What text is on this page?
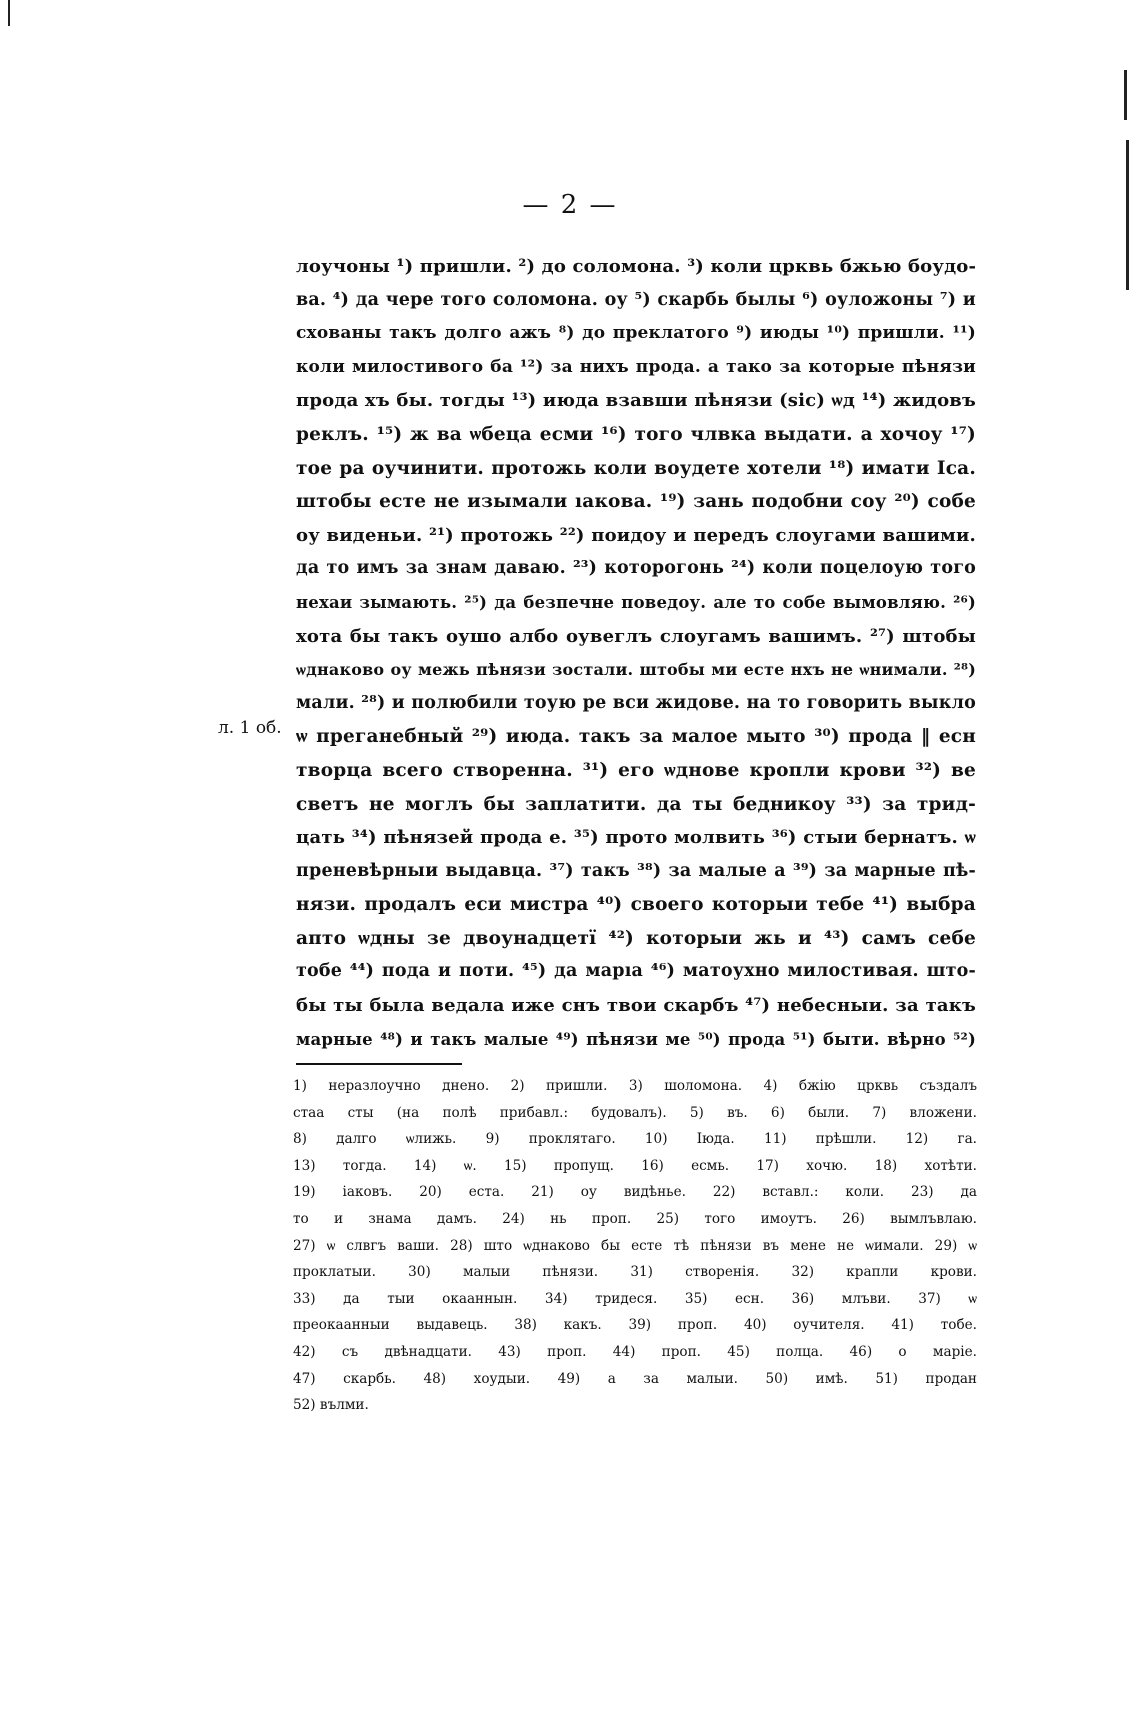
— 2 —
л. 1 об.
лоучоны ¹) пришли. ²) до соломона. ³) коли црквь бжью боудо-
ва. ⁴) да чере того соломона. оу ⁵) скарбь былы ⁶) оуложоны ⁷) и
схованы такъ долго ажъ ⁸) до преклатого ⁹) июды ¹⁰) пришли. ¹¹)
коли милостивого ба ¹²) за нихъ прода. а тако за которые пѣнязи
прода хъ бы. тогды ¹³) июда взавши пѣнязи (sic) ѡд ¹⁴) жидовъ
реклъ. ¹⁵) ж ва ѡбеца есми ¹⁶) того члвка выдати. а хочоу ¹⁷)
тое ра оучинити. протожь коли воудете хотели ¹⁸) имати Іса.
штобы есте не изымали ıакова. ¹⁹) зань подобни соу ²⁰) собе
оу виденьи. ²¹) протожь ²²) поидоу и передъ слоугами вашими.
да то имъ за знам даваю. ²³) которогонь ²⁴) коли поцелоую того
нехаи зымають. ²⁵) да безпечне поведоу. але то собе вымовляю. ²⁶)
хота бы такъ оушо албо оувеглъ слоугамъ вашимъ. ²⁷) штобы
ѡднаково оу межь пѣнязи зостали. штобы ми есте нхъ не ѡнимали. ²⁸)
мали. ²⁸) и полюбили тоую ре вси жидове. на то говорить выкло
ѡ преганебный ²⁹) июда. такъ за малое мыто ³⁰) прода ‖ есн
творца всего створенна. ³¹) его ѡднове кропли крови ³²) ве
светъ не моглъ бы заплатити. да ты бедникоу ³³) за трид-
цать ³⁴) пѣнязей прода е. ³⁵) прото молвить ³⁶) стыи бернатъ. ѡ
преневѣрныи выдавца. ³⁷) такъ ³⁸) за малые а ³⁹) за марные пѣ-
нязи. продалъ еси мистра ⁴⁰) своего которыи тебе ⁴¹) выбра
апто ѡдны зе двоунадцетї ⁴²) которыи жь и ⁴³) самъ себе
тобе ⁴⁴) пода и поти. ⁴⁵) да марıа ⁴⁶) матоухно милостивая. што-
бы ты была ведала иже снъ твои скарбъ ⁴⁷) небесныи. за такъ
марные ⁴⁸) и такъ малые ⁴⁹) пѣнязи ме ⁵⁰) прода ⁵¹) быти. вѣрно ⁵²)
1) неразлоучно днено. 2) пришли. 3) шоломона. 4) бжію црквь създалъ
стаа сты (на полѣ прибавл.: будовалъ). 5) въ. 6) были. 7) вложени.
8) далго ѡлижь. 9) проклятаго. 10) Іюда. 11) прѣшли. 12) га.
13) тогда. 14) ѡ. 15) пропущ. 16) есмь. 17) хочю. 18) хотѣти.
19) іаковъ. 20) еста. 21) оу видѣнье. 22) вставл.: коли. 23) да
то и знама дамъ. 24) нь проп. 25) того имоутъ. 26) вымлъвлаю.
27) ѡ слвгъ ваши. 28) што ѡднаково бы есте тѣ пѣнязи въ мене не ѡимали. 29) ѡ
проклатыи. 30) малыи пѣнязи. 31) створенія. 32) крапли крови.
33) да тыи окааннын. 34) тридеся. 35) есн. 36) млъви. 37) ѡ
преокаанныи выдавець. 38) какъ. 39) проп. 40) оучителя. 41) тобе.
42) съ двѣнадцати. 43) проп. 44) проп. 45) полца. 46) о маріе.
47) скарбь. 48) хоудыи. 49) а за малыи. 50) имѣ. 51) продан
52) вълми.
